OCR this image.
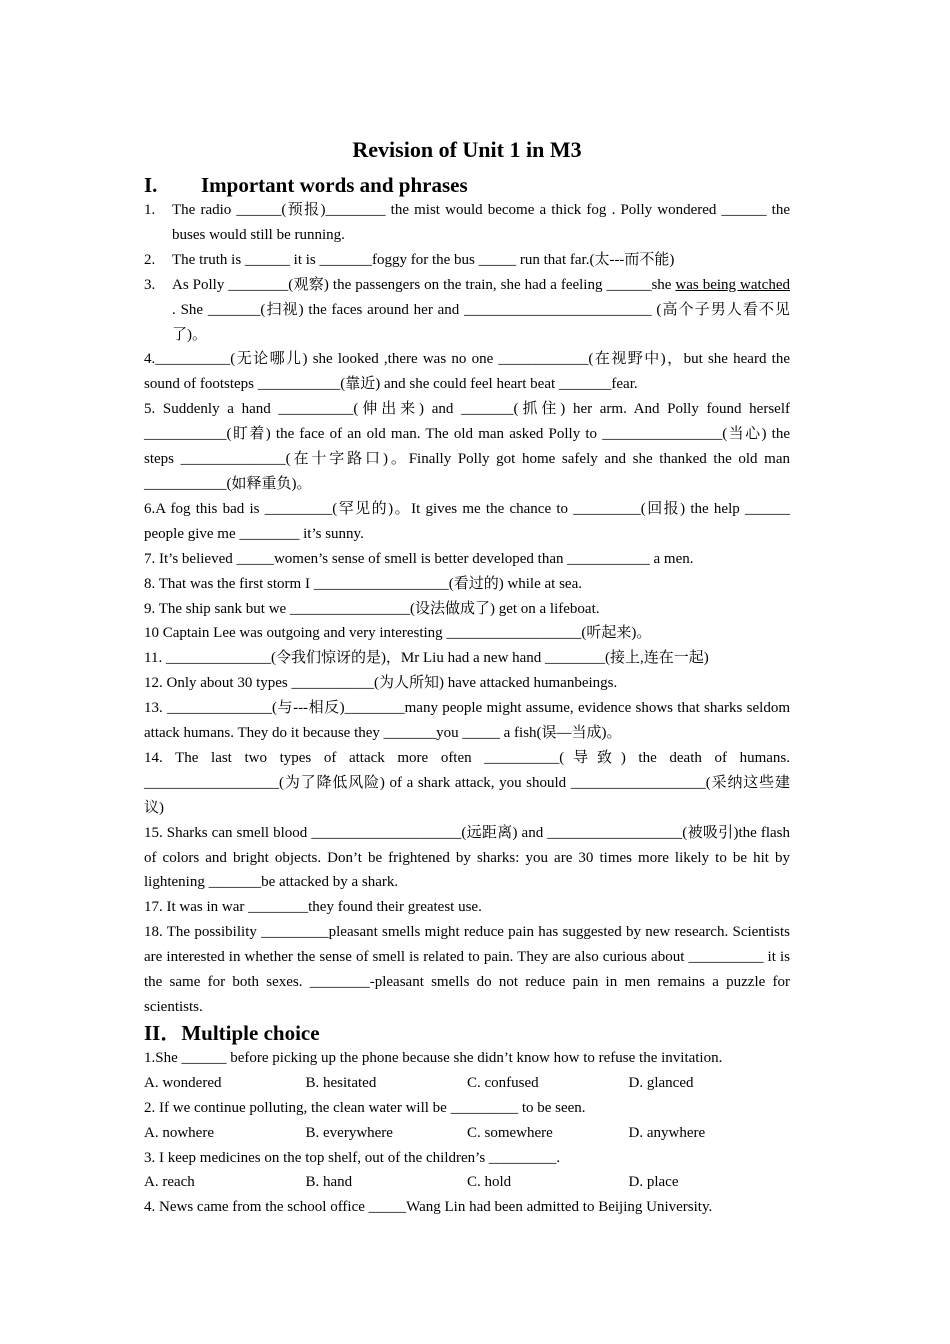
Revision of Unit 1 in M3
I.	Important words and phrases
1.	The radio ______(预报)________ the mist would become a thick fog . Polly wondered ______ the buses would still be running.
2.	The truth is ______ it is _______foggy for the bus _____ run that far.(太---而不能)
3.	As Polly ________(观察) the passengers on the train, she had a feeling ______she was being watched . She _______(扫视) the faces around her and _________________________ (高个子男人看不见了)。

4.__________(无论哪儿) she looked ,there was no one ____________(在视野中)，but she heard the sound of footsteps ___________(靠近) and she could feel heart beat _______fear.

5. Suddenly a hand __________(伸出来) and _______(抓住) her arm. And Polly found herself ___________(盯着) the face of an old man. The old man asked Polly to ________________(当心) the steps ______________(在十字路口)。Finally Polly got home safely and she thanked the old man ___________(如释重负)。

6.A fog this bad is _________(罕见的)。It gives me the chance to _________(回报) the help ______ people give me ________ it’s sunny.

7. It’s believed _____women’s sense of smell is better developed than ___________ a men.

8. That was the first storm I __________________(看过的) while at sea.

9. The ship sank but we ________________(设法做成了) get on a lifeboat.

10 Captain Lee was outgoing and very interesting __________________(听起来)。

11. ______________(令我们惊讶的是)，Mr Liu had a new hand ________(接上,连在一起)

12. Only about 30 types ___________(为人所知) have attacked humanbeings.

13. ______________(与---相反)________many people might assume, evidence shows that sharks seldom attack humans. They do it because they _______you _____ a fish(误—当成)。

14. The last two types of attack more often __________(导致) the death of humans. __________________(为了降低风险) of a shark attack, you should __________________(采纳这些建议)

15. Sharks can smell blood ____________________(远距离) and __________________(被吸引)the flash of colors and bright objects. Don’t be frightened by sharks: you are 30 times more likely to be hit by lightening _______be attacked by a shark.

17. It was in war ________they found their greatest use.

18. The possibility _________pleasant smells might reduce pain has suggested by new research. Scientists are interested in whether the sense of smell is related to pain. They are also curious about __________ it is the same for both sexes. ________-pleasant smells do not reduce pain in men remains a puzzle for scientists.

II．Multiple choice

1.She ______ before picking up the phone because she didn’t know how to refuse the invitation.

A. wondered	B. hesitated	C. confused	D. glanced

2. If we continue polluting, the clean water will be _________ to be seen.

A. nowhere	B. everywhere	C. somewhere	D. anywhere

3. I keep medicines on the top shelf, out of the children’s _________.

A. reach	B. hand	C. hold	D. place

4. News came from the school office _____Wang Lin had been admitted to Beijing University.
